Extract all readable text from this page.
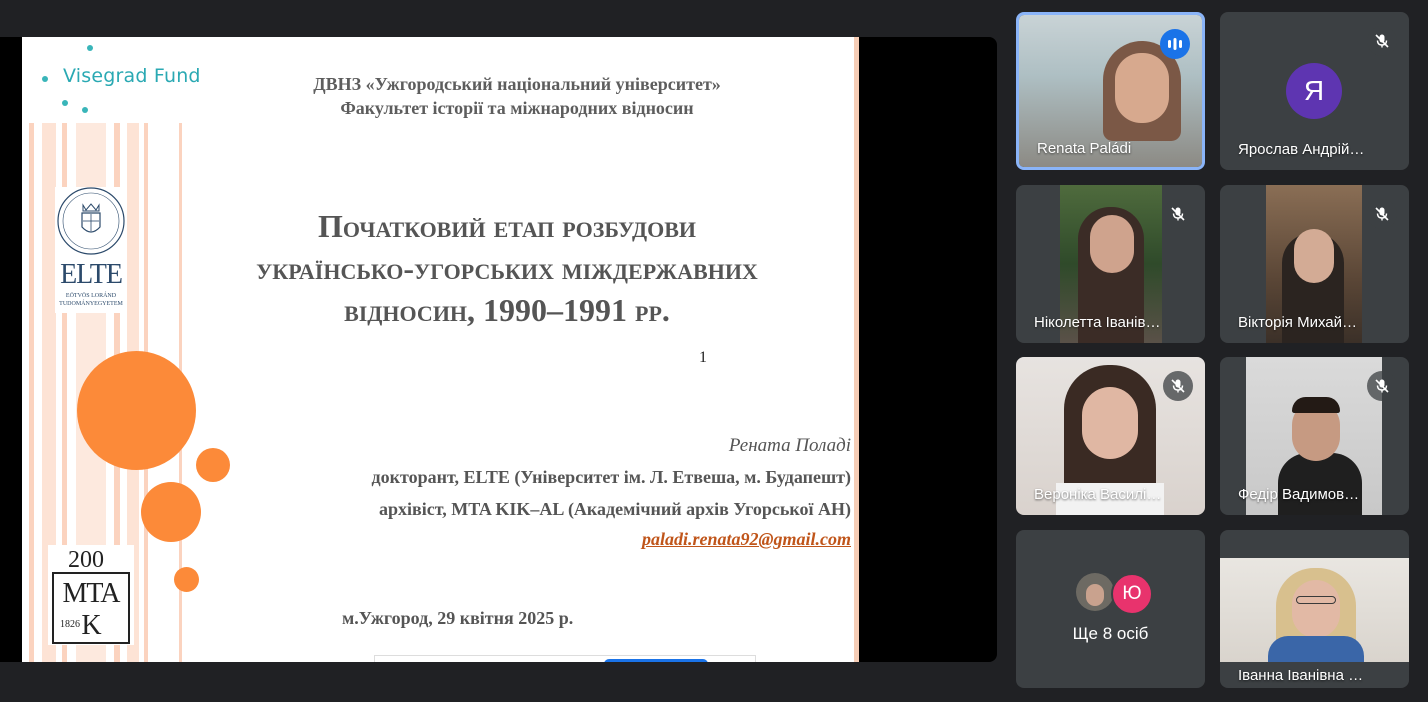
Visegrad Fund	ДВНЗ «Ужгородський національний університет»
Факультет історії та міжнародних відносин
Початковий етап розбудови
українсько-угорських міждержавних
відносин, 1990–1991 рр.
1
Рената Поладі
докторант, ELTE (Університет ім. Л. Етвеша, м. Будапешт)
архівіст, MTA KIK–AL (Академічний архів Угорської АН)
paladi.renata92@gmail.com
м.Ужгород, 29 квітня 2025 р.
ELTE
EÖTVÖS LORÁND
TUDOMÁNYEGYETEM
200
MTA K
1826
Renata Paládi
Я
Ярослав Андрій…
Ніколетта Іванів…	Вікторія Михай…
Вероніка Василі…	Федір Вадимов…
Ю
Ще 8 осіб
Іванна Іванівна …
